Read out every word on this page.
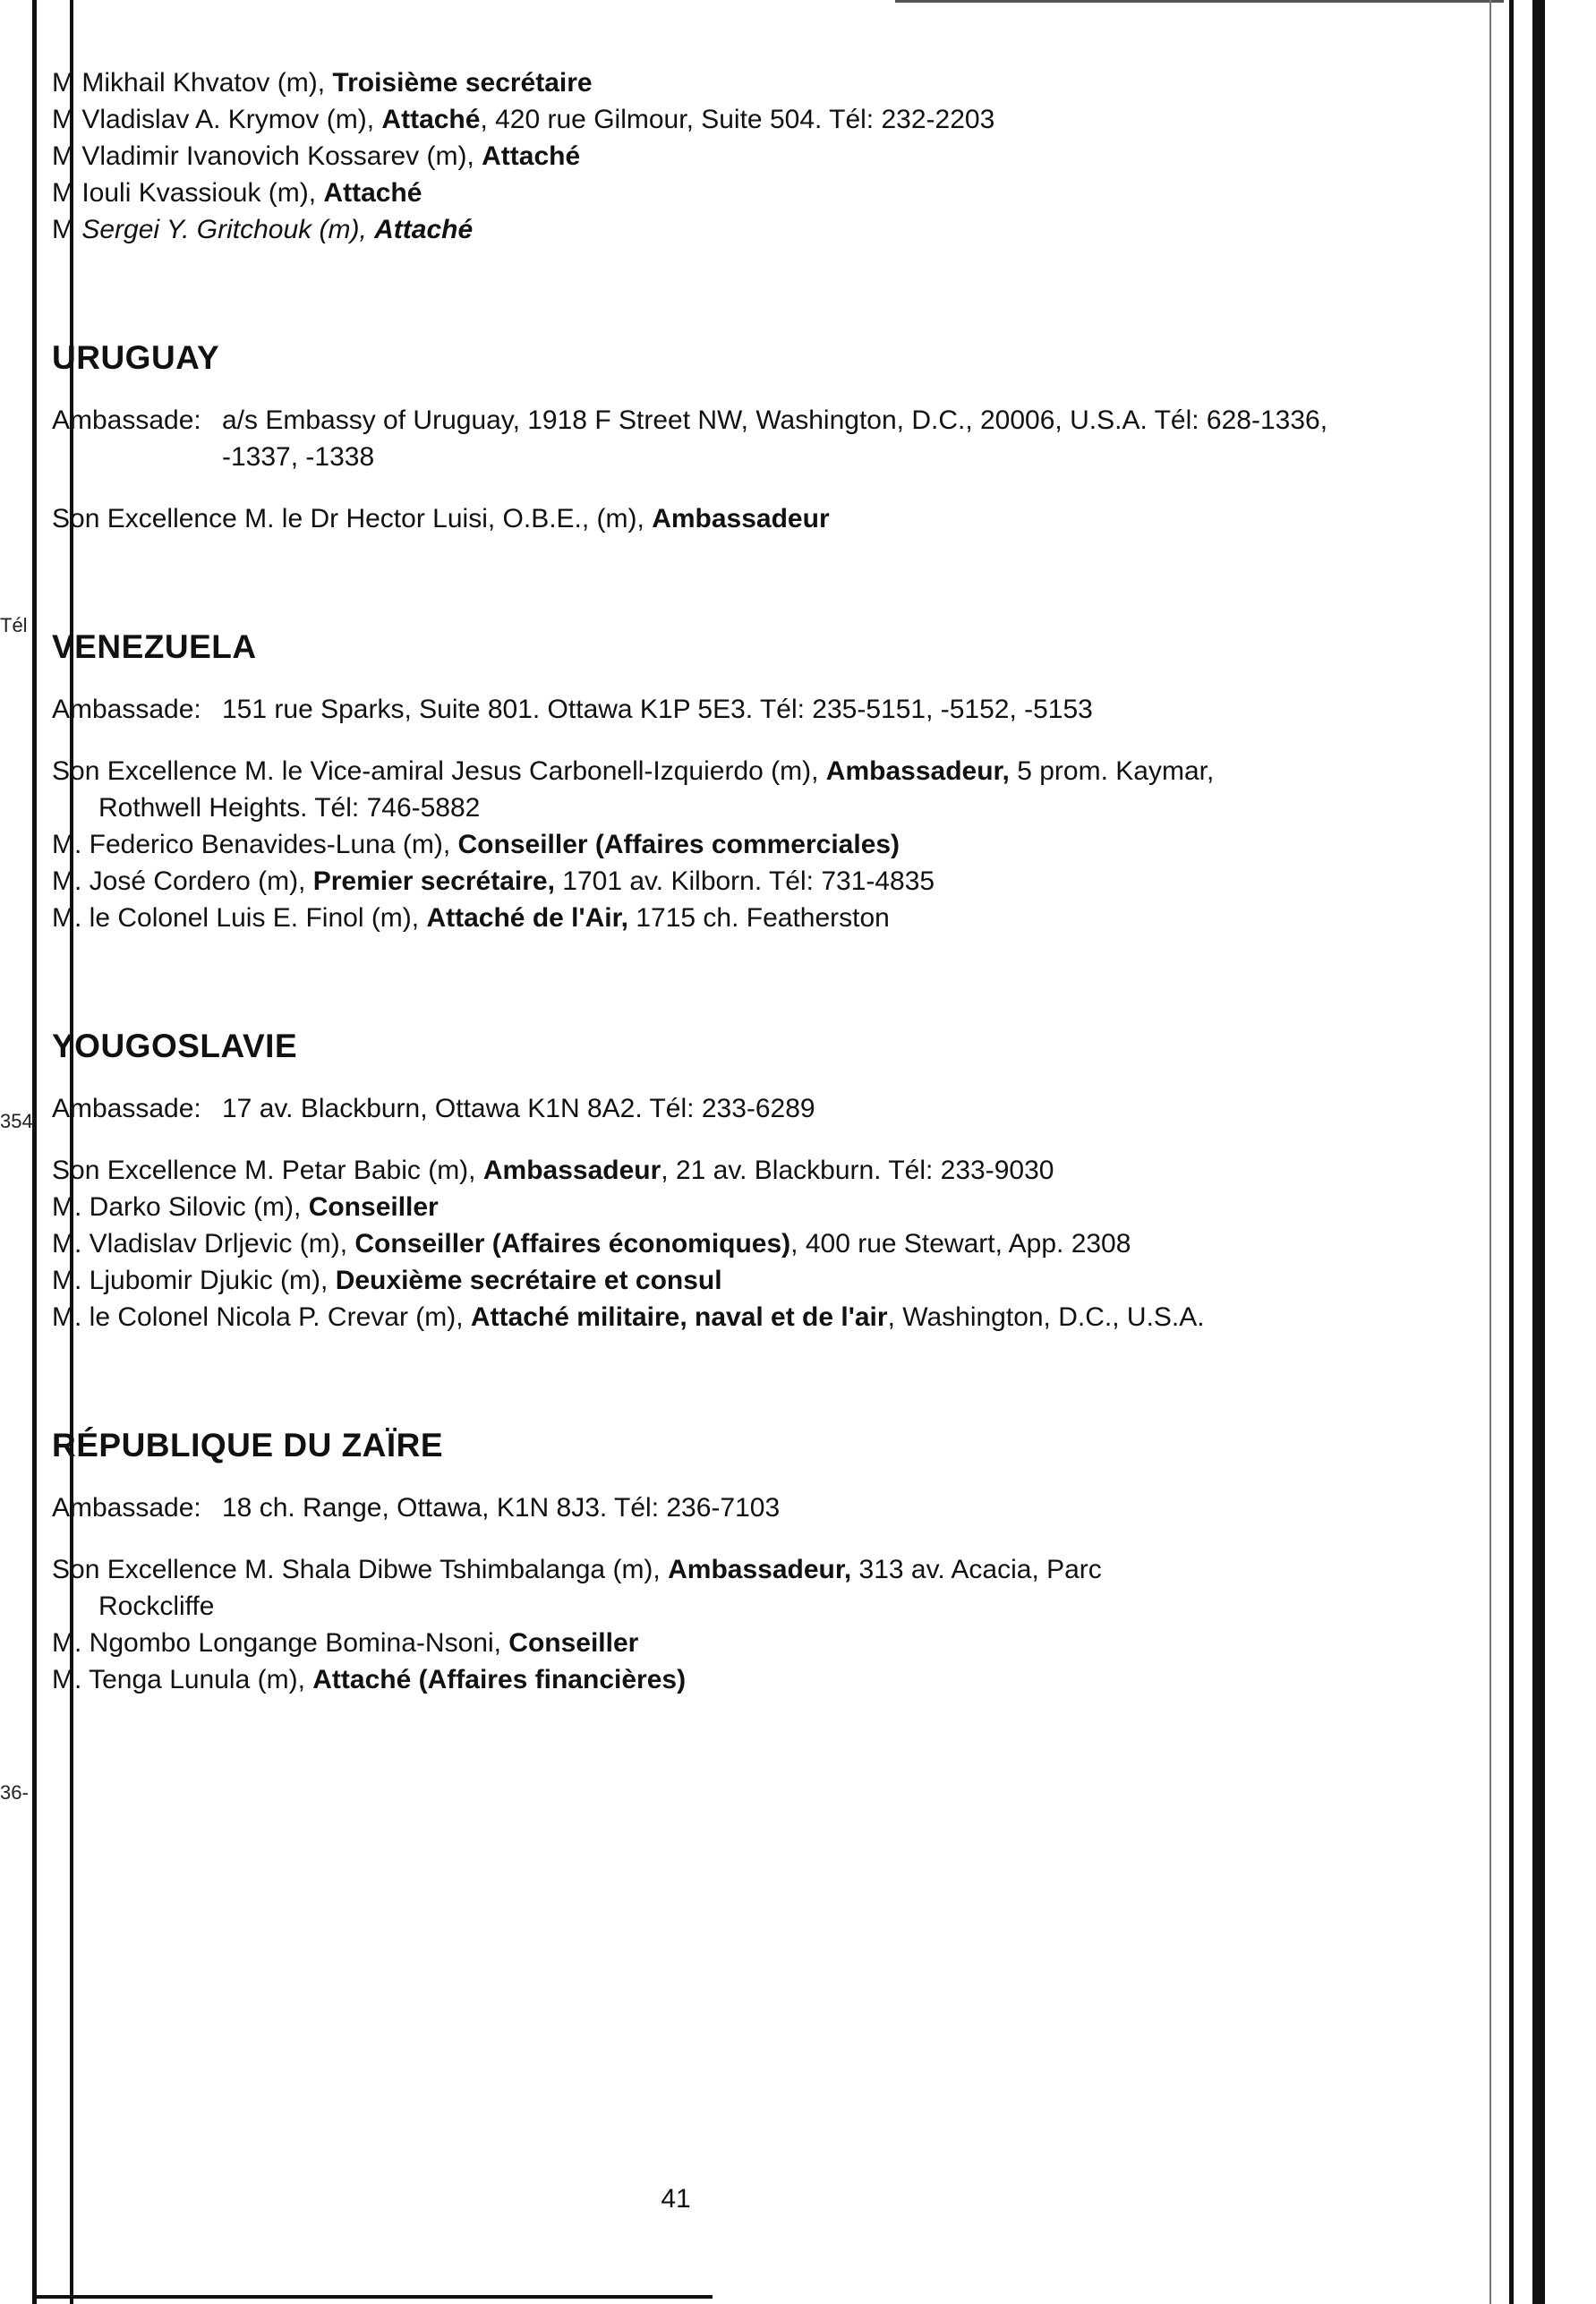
Tél
354
36-
M Mikhail Khvatov (m), Troisième secrétaire
M Vladislav A. Krymov (m), Attaché, 420 rue Gilmour, Suite 504. Tél: 232-2203
M Vladimir Ivanovich Kossarev (m), Attaché
M Iouli Kvassiouk (m), Attaché
M Sergei Y. Gritchouk (m), Attaché
URUGUAY
Ambassade: a/s Embassy of Uruguay, 1918 F Street NW, Washington, D.C., 20006, U.S.A. Tél: 628-1336, -1337, -1338
Son Excellence M. le Dr Hector Luisi, O.B.E., (m), Ambassadeur
VENEZUELA
Ambassade: 151 rue Sparks, Suite 801. Ottawa K1P 5E3. Tél: 235-5151, -5152, -5153
Son Excellence M. le Vice-amiral Jesus Carbonell-Izquierdo (m), Ambassadeur, 5 prom. Kaymar,
Rothwell Heights. Tél: 746-5882
M. Federico Benavides-Luna (m), Conseiller (Affaires commerciales)
M. José Cordero (m), Premier secrétaire, 1701 av. Kilborn. Tél: 731-4835
M. le Colonel Luis E. Finol (m), Attaché de l'Air, 1715 ch. Featherston
YOUGOSLAVIE
Ambassade: 17 av. Blackburn, Ottawa K1N 8A2. Tél: 233-6289
Son Excellence M. Petar Babic (m), Ambassadeur, 21 av. Blackburn. Tél: 233-9030
M. Darko Silovic (m), Conseiller
M. Vladislav Drljevic (m), Conseiller (Affaires économiques), 400 rue Stewart, App. 2308
M. Ljubomir Djukic (m), Deuxième secrétaire et consul
M. le Colonel Nicola P. Crevar (m), Attaché militaire, naval et de l'air, Washington, D.C., U.S.A.
RÉPUBLIQUE DU ZAÏRE
Ambassade: 18 ch. Range, Ottawa, K1N 8J3. Tél: 236-7103
Son Excellence M. Shala Dibwe Tshimbalanga (m), Ambassadeur, 313 av. Acacia, Parc
Rockcliffe
M. Ngombo Longange Bomina-Nsoni, Conseiller
M. Tenga Lunula (m), Attaché (Affaires financières)
41
